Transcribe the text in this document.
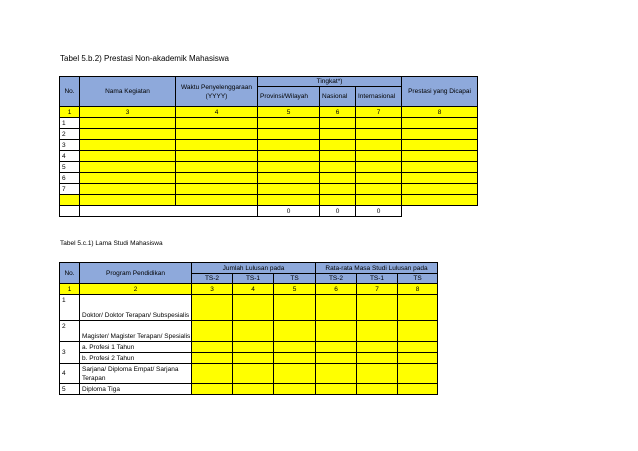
Tabel 5.b.2) Prestasi Non-akademik Mahasiswa
No.	Nama Kegiatan	Waktu Penyelenggaraan (YYYY)	Tingkat*)			Prestasi yang Dicapai
			Provinsi/Wilayah	Nasional	Internasional	

1	3	4	5	6	7	8
1						
2						
3						
4						
5						
6						
7						

			0	0	0	
Tabel 5.c.1) Lama Studi Mahasiswa
No.	Program Pendidikan	Jumlah Lulusan pada			Rata-rata Masa Studi Lulusan pada		
		TS-2	TS-1	TS	TS-2	TS-1	TS
1	2	3	4	5	6	7	8
1	Doktor/ Doktor Terapan/ Subspesialis						
2	Magister/ Magister Terapan/ Spesialis						
3	a. Profesi 1 Tahun						
	b. Profesi 2 Tahun						
4	Sarjana/ Diploma Empat/ Sarjana Terapan						
5	Diploma Tiga						
